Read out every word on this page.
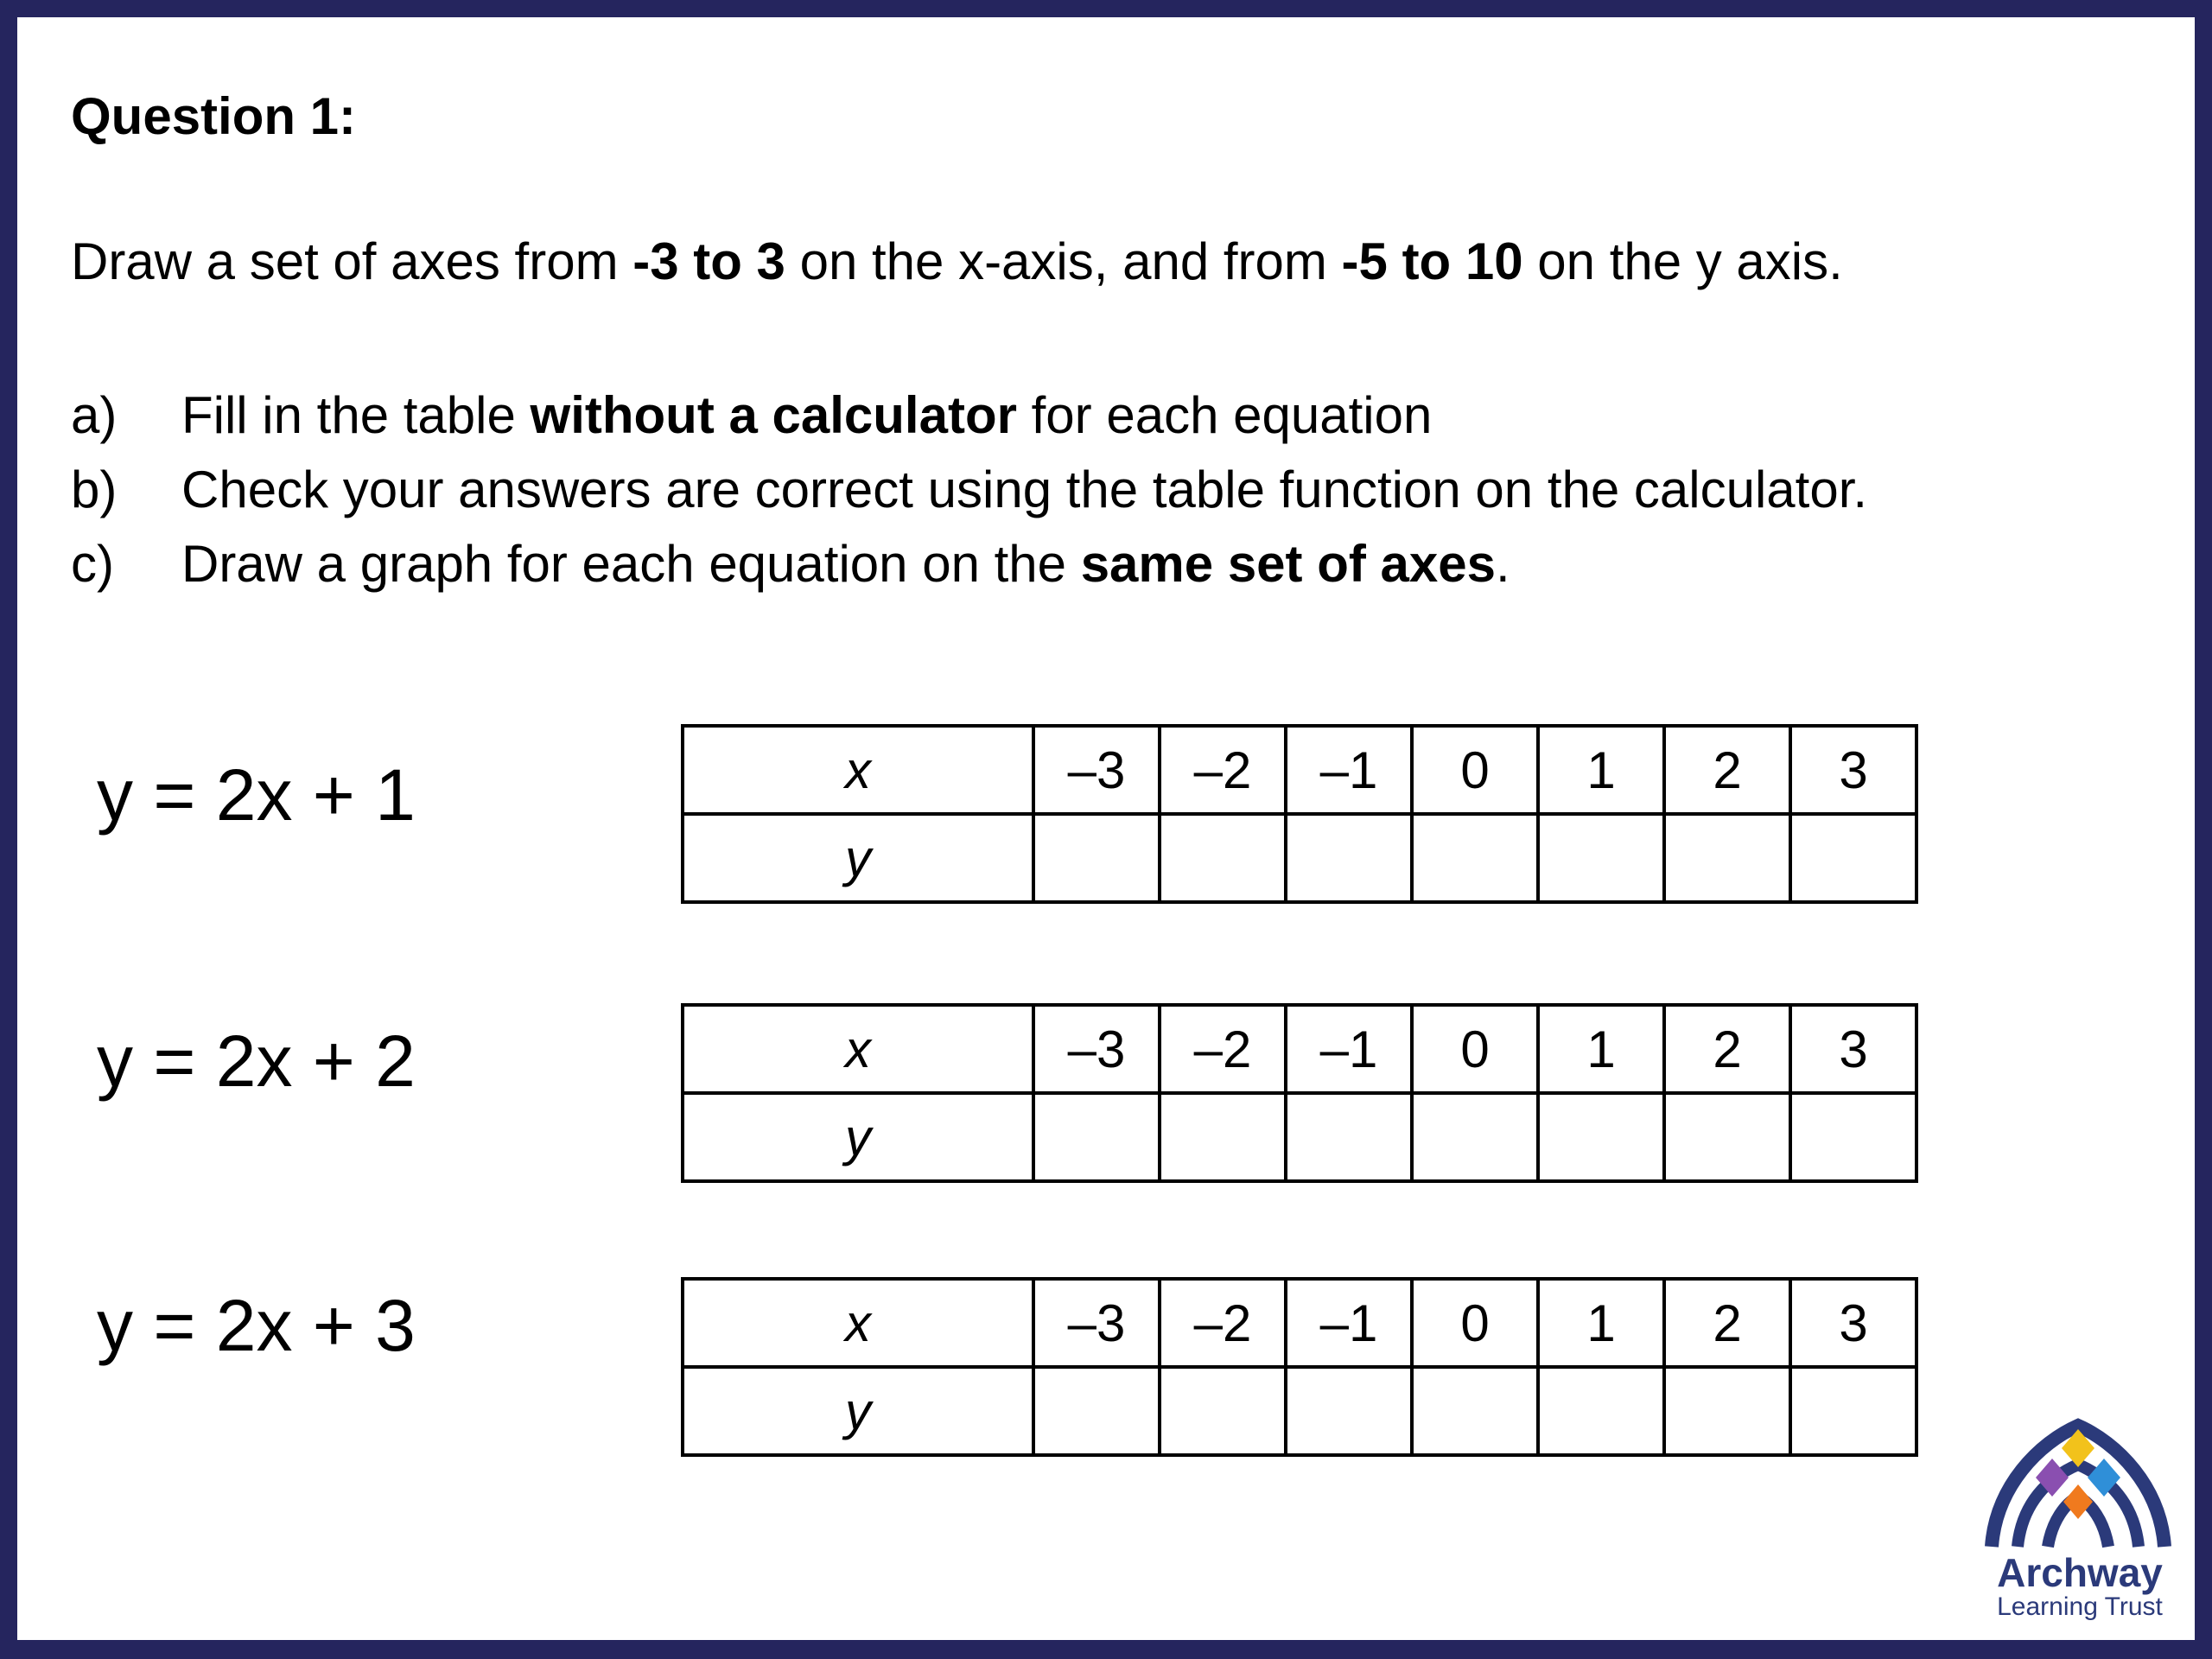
Question 1:
Draw a set of axes from -3 to 3 on the x-axis, and from -5 to 10 on the y axis.
a) Fill in the table without a calculator for each equation
b) Check your answers are correct using the table function on the calculator.
c) Draw a graph for each equation on the same set of axes.
y = 2x + 1	x	–3	–2	–1	0	1	2	3
y							
y = 2x + 2	x	–3	–2	–1	0	1	2	3
y							
y = 2x + 3	x	–3	–2	–1	0	1	2	3
y							
Archway
Learning Trust
